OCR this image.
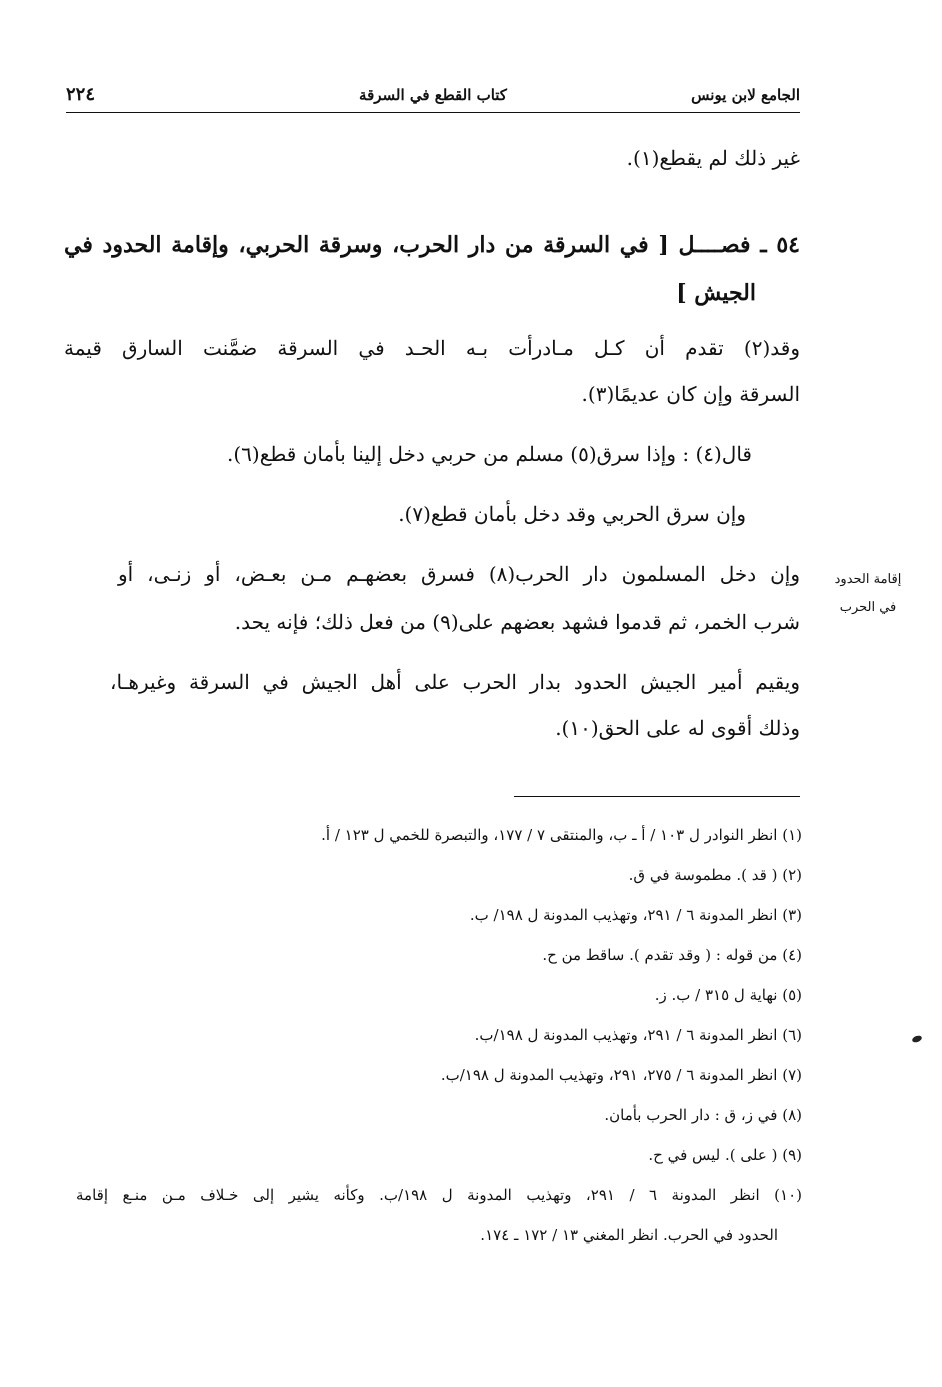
الجامع لابن يونس
كتاب القطع في السرقة
٢٢٤
غير ذلك لم يقطع(١).
٥٤ ـ فصــــل [ في السرقة من دار الحرب، وسرقة الحربي، وإقامة الحدود في
الجيش ]
وقد(٢) تقدم أن كـل مـادرأت بـه الحـد في السرقة ضمَّنت السارق قيمة
السرقة وإن كان عديمًا(٣).
قال(٤) : وإذا سرق(٥) مسلم من حربي دخل إلينا بأمان قطع(٦).
وإن سرق الحربي وقد دخل بأمان قطع(٧).
وإن دخل المسلمون دار الحرب(٨) فسرق بعضهـم مـن بعـض، أو زنـى، أو
شرب الخمر، ثم قدموا فشهد بعضهم على(٩) من فعل ذلك؛ فإنه يحد.
ويقيم أمير الجيش الحدود بدار الحرب على أهل الجيش في السرقة وغيرهـا،
وذلك أقوى له على الحق(١٠).
إقامة الحدود
في الحرب
(١) انظر النوادر ل ١٠٣ / أ ـ ب، والمنتقى ٧ / ١٧٧، والتبصرة للخمي ل ١٢٣ / أ.
(٢) ( قد ). مطموسة في ق.
(٣) انظر المدونة ٦ / ٢٩١، وتهذيب المدونة ل ١٩٨/ ب.
(٤) من قوله : ( وقد تقدم ). ساقط من ح.
(٥) نهاية ل ٣١٥ / ب. ز.
(٦) انظر المدونة ٦ / ٢٩١، وتهذيب المدونة ل ١٩٨/ب.
(٧) انظر المدونة ٦ / ٢٧٥، ٢٩١، وتهذيب المدونة ل ١٩٨/ب.
(٨) في ز، ق : دار الحرب بأمان.
(٩) ( على ). ليس في ح.
(١٠) انظر المدونة ٦ / ٢٩١، وتهذيب المدونة ل ١٩٨/ب. وكأنه يشير إلى خـلاف مـن منـع إقامة
الحدود في الحرب. انظر المغني ١٣ / ١٧٢ ـ ١٧٤.
